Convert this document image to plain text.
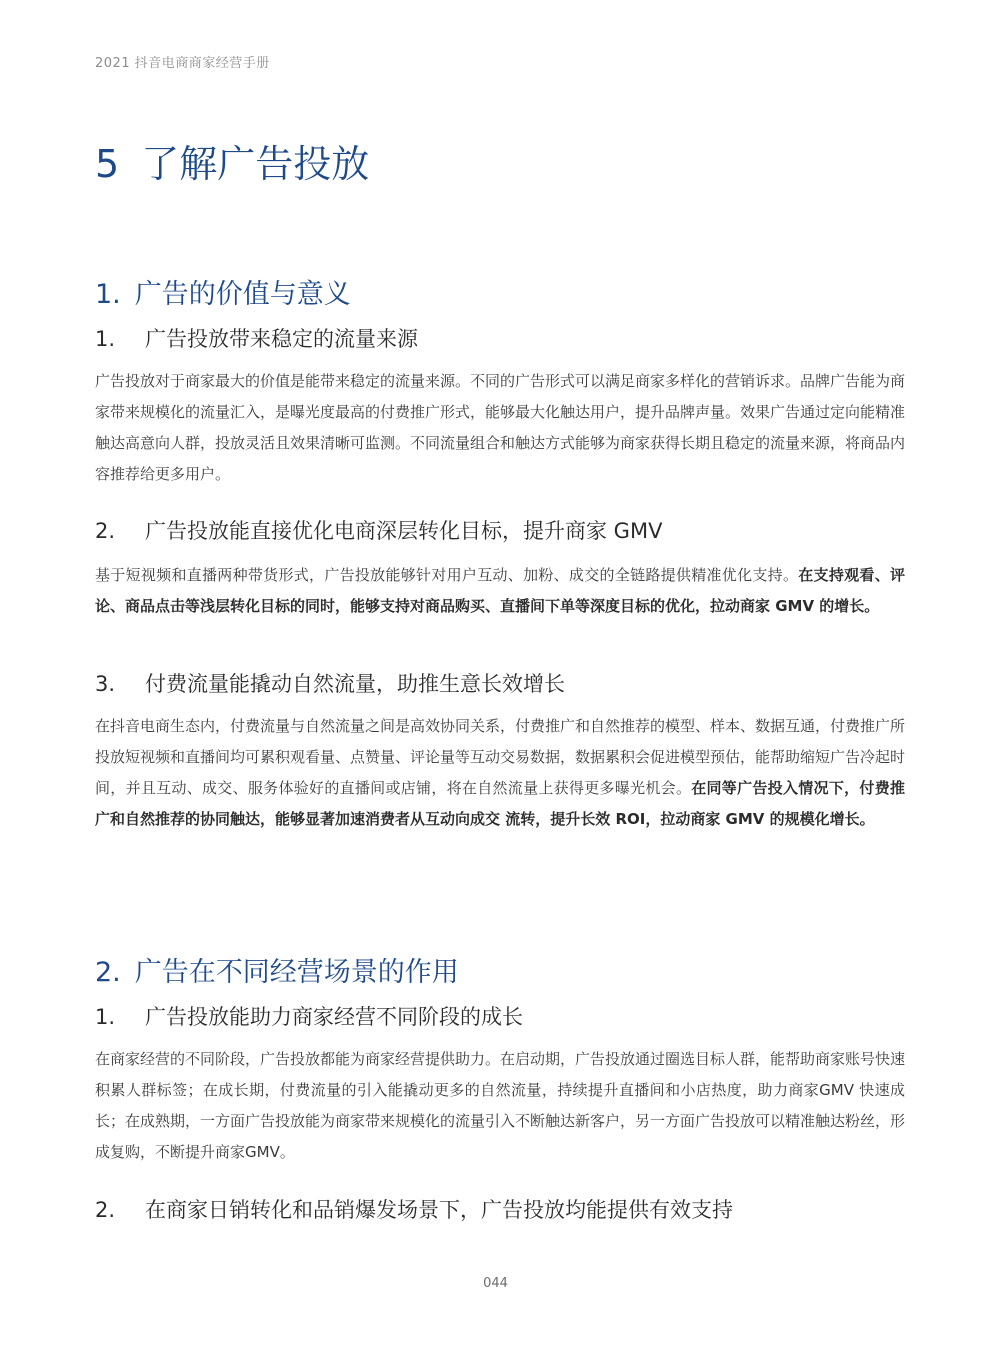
2021 抖音电商商家经营手册
5 了解广告投放
1. 广告的价值与意义
1. 广告投放带来稳定的流量来源
广告投放对于商家最大的价值是能带来稳定的流量来源。不同的广告形式可以满足商家多样化的营销诉求。品牌广告能为商家带来规模化的流量汇入，是曝光度最高的付费推广形式，能够最大化触达用户，提升品牌声量。效果广告通过定向能精准触达高意向人群，投放灵活且效果清晰可监测。不同流量组合和触达方式能够为商家获得长期且稳定的流量来源，将商品内容推荐给更多用户。
2. 广告投放能直接优化电商深层转化目标，提升商家 GMV
基于短视频和直播两种带货形式，广告投放能够针对用户互动、加粉、成交的全链路提供精准优化支持。在支持观看、评论、商品点击等浅层转化目标的同时，能够支持对商品购买、直播间下单等深度目标的优化，拉动商家 GMV 的增长。
3. 付费流量能撬动自然流量，助推生意长效增长
在抖音电商生态内，付费流量与自然流量之间是高效协同关系，付费推广和自然推荐的模型、样本、数据互通，付费推广所投放短视频和直播间均可累积观看量、点赞量、评论量等互动交易数据，数据累积会促进模型预估，能帮助缩短广告冷起时间，并且互动、成交、服务体验好的直播间或店铺，将在自然流量上获得更多曝光机会。在同等广告投入情况下，付费推广和自然推荐的协同触达，能够显著加速消费者从互动向成交 流转，提升长效 ROI，拉动商家 GMV 的规模化增长。
2. 广告在不同经营场景的作用
1. 广告投放能助力商家经营不同阶段的成长
在商家经营的不同阶段，广告投放都能为商家经营提供助力。在启动期，广告投放通过圈选目标人群，能帮助商家账号快速积累人群标签；在成长期，付费流量的引入能撬动更多的自然流量，持续提升直播间和小店热度，助力商家GMV 快速成长；在成熟期，一方面广告投放能为商家带来规模化的流量引入不断触达新客户，另一方面广告投放可以精准触达粉丝，形成复购，不断提升商家GMV。
2. 在商家日销转化和品销爆发场景下，广告投放均能提供有效支持
044
